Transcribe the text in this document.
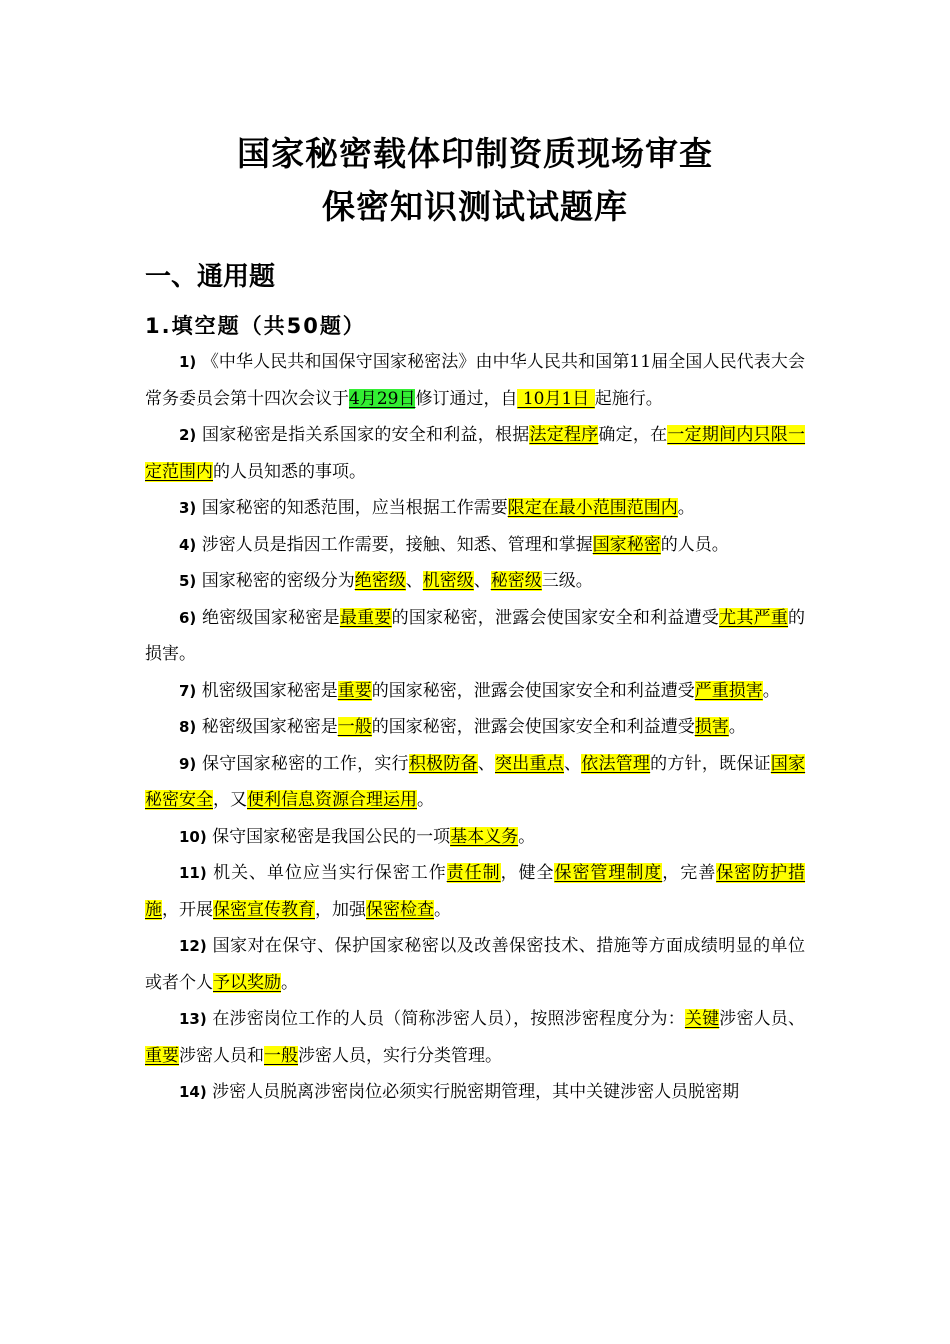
国家秘密载体印制资质现场审查
保密知识测试试题库
一、通用题
1.填空题（共50题）

1) 《中华人民共和国保守国家秘密法》由中华人民共和国第11届全国人民代表大会常务委员会第十四次会议于4月29日修订通过，自 10月1日 起施行。

2) 国家秘密是指关系国家的安全和利益，根据法定程序确定，在一定期间内只限一定范围内的人员知悉的事项。

3) 国家秘密的知悉范围，应当根据工作需要限定在最小范围范围内。

4) 涉密人员是指因工作需要，接触、知悉、管理和掌握国家秘密的人员。

5) 国家秘密的密级分为绝密级、机密级、秘密级三级。

6) 绝密级国家秘密是最重要的国家秘密，泄露会使国家安全和利益遭受尤其严重的损害。

7) 机密级国家秘密是重要的国家秘密，泄露会使国家安全和利益遭受严重损害。

8) 秘密级国家秘密是一般的国家秘密，泄露会使国家安全和利益遭受损害。

9) 保守国家秘密的工作，实行积极防备、突出重点、依法管理的方针，既保证国家秘密安全，又便利信息资源合理运用。

10) 保守国家秘密是我国公民的一项基本义务。

11) 机关、单位应当实行保密工作责任制，健全保密管理制度，完善保密防护措施，开展保密宣传教育，加强保密检查。

12) 国家对在保守、保护国家秘密以及改善保密技术、措施等方面成绩明显的单位或者个人予以奖励。

13) 在涉密岗位工作的人员（简称涉密人员），按照涉密程度分为：关键涉密人员、重要涉密人员和一般涉密人员，实行分类管理。

14) 涉密人员脱离涉密岗位必须实行脱密期管理，其中关键涉密人员脱密期
